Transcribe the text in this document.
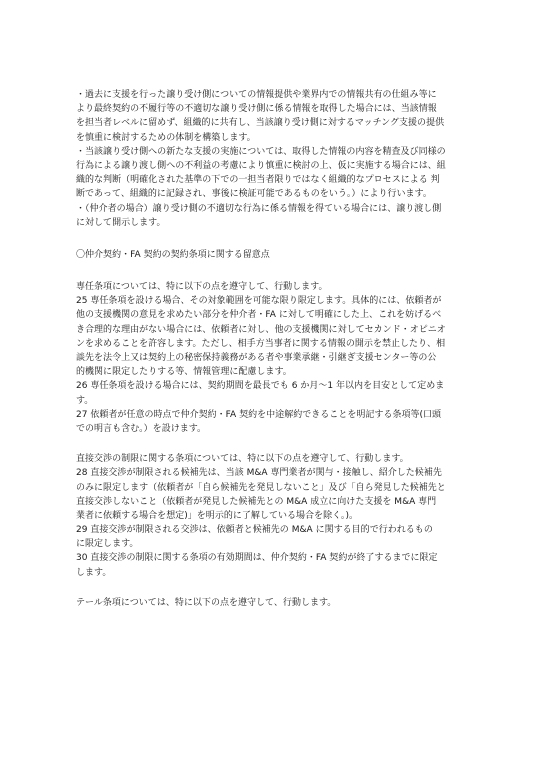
・過去に支援を行った譲り受け側についての情報提供や業界内での情報共有の仕組み等に
より最終契約の不履行等の不適切な譲り受け側に係る情報を取得した場合には、当該情報
を担当者レベルに留めず、組織的に共有し、当該譲り受け側に対するマッチング支援の提供
を慎重に検討するための体制を構築します。
・当該譲り受け側への新たな支援の実施については、取得した情報の内容を精査及び同様の
行為による譲り渡し側への不利益の考慮により慎重に検討の上、仮に実施する場合には、組
織的な判断（明確化された基準の下での一担当者限りではなく組織的なプロセスによる 判
断であって、組織的に記録され、事後に検証可能であるものをいう。）により行います。
・（仲介者の場合）譲り受け側の不適切な行為に係る情報を得ている場合には、譲り渡し側
に対して開示します。
〇仲介契約・FA 契約の契約条項に関する留意点
専任条項については、特に以下の点を遵守して、行動します。
25 専任条項を設ける場合、その対象範囲を可能な限り限定します。具体的には、依頼者が
他の支援機関の意見を求めたい部分を仲介者・FA に対して明確にした上、これを妨げるべ
き合理的な理由がない場合には、依頼者に対し、他の支援機関に対してセカンド・オピニオ
ンを求めることを許容します。ただし、相手方当事者に関する情報の開示を禁止したり、相
談先を法令上又は契約上の秘密保持義務がある者や事業承継・引継ぎ支援センター等の公
的機関に限定したりする等、情報管理に配慮します。
26 専任条項を設ける場合には、契約期間を最長でも 6 か月～1 年以内を目安として定めま
す。
27 依頼者が任意の時点で仲介契約・FA 契約を中途解約できることを明記する条項等(口頭
での明言も含む。）を設けます。
直接交渉の制限に関する条項については、特に以下の点を遵守して、行動します。
28 直接交渉が制限される候補先は、当該 M&A 専門業者が関与・接触し、紹介した候補先
のみに限定します（依頼者が「自ら候補先を発見しないこと」及び「自ら発見した候補先と
直接交渉しないこと（依頼者が発見した候補先との M&A 成立に向けた支援を M&A 専門
業者に依頼する場合を想定)」を明示的に了解している場合を除く。)。
29 直接交渉が制限される交渉は、依頼者と候補先の M&A に関する目的で行われるもの
に限定します。
30 直接交渉の制限に関する条項の有効期間は、仲介契約・FA 契約が終了するまでに限定
します。
テール条項については、特に以下の点を遵守して、行動します。
